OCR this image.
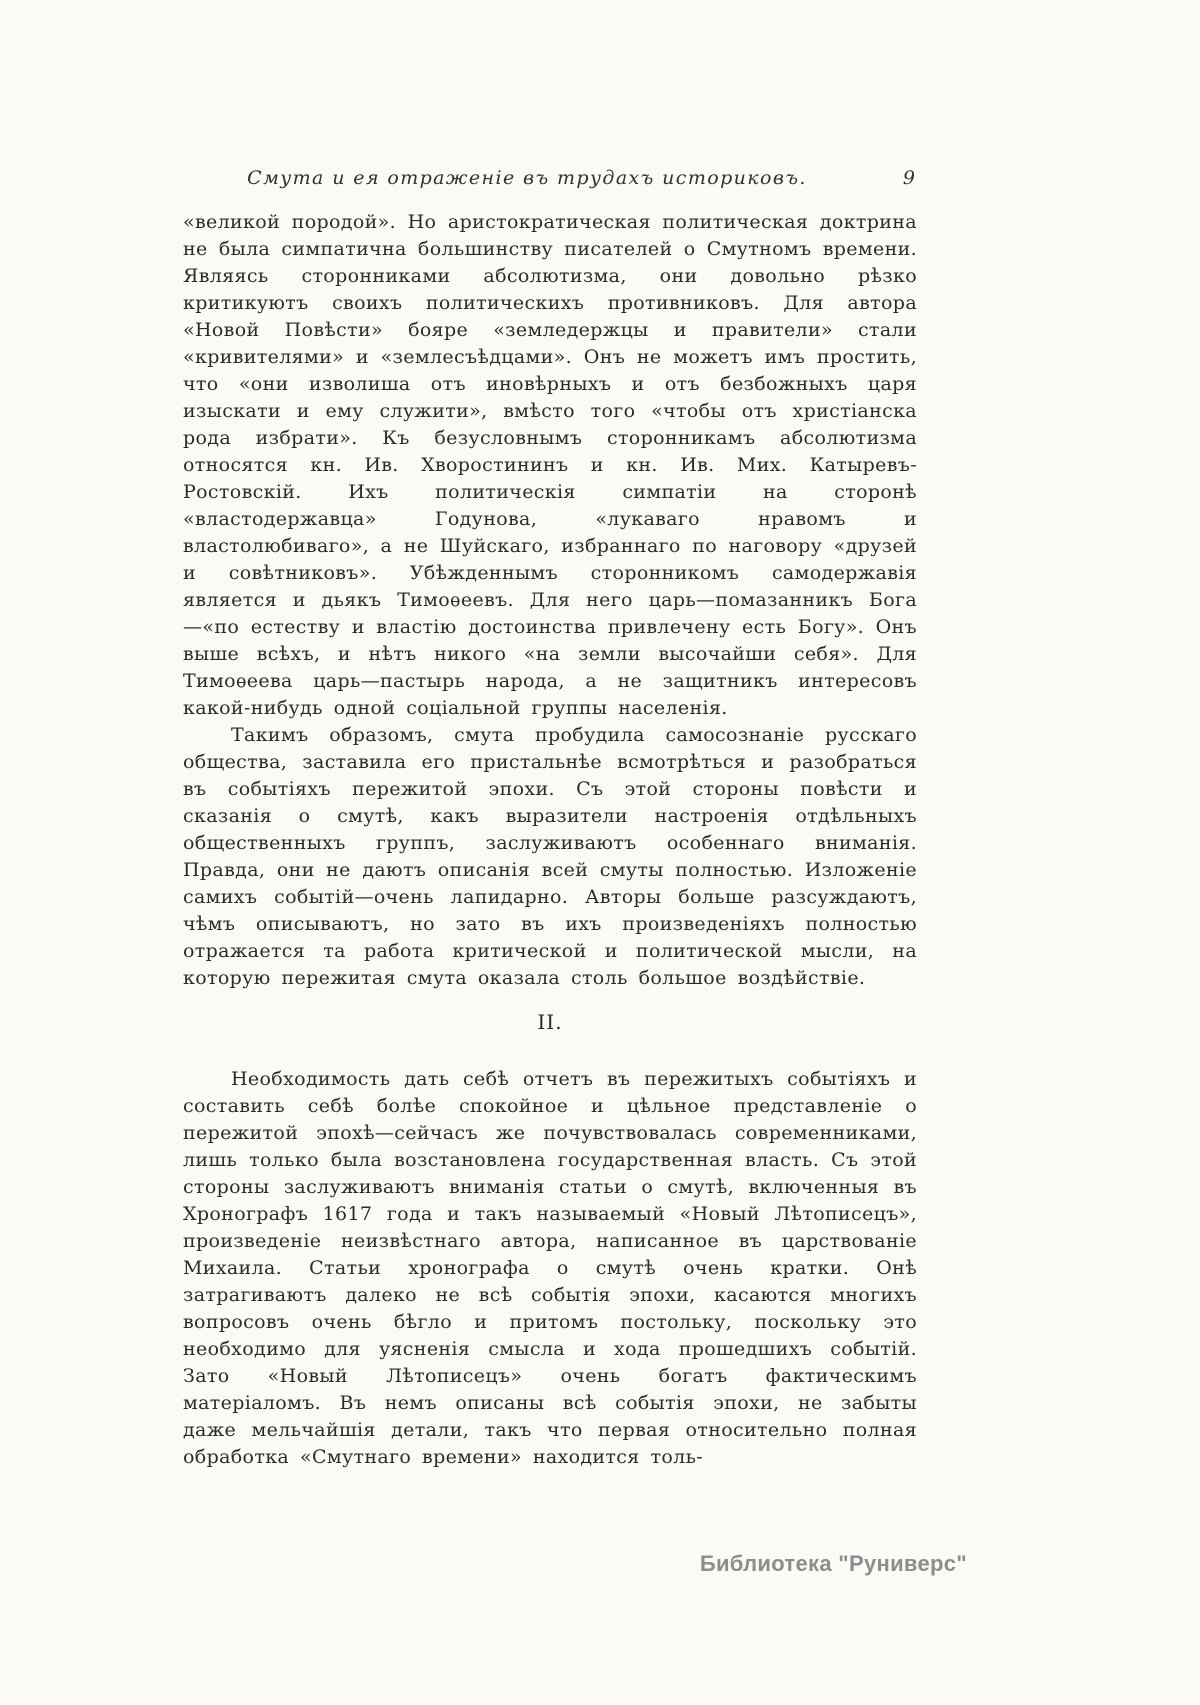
Смута и ея отраженіе въ трудахъ историковъ.	9

«великой породой». Но аристократическая политическая доктрина не была симпатична большинству писателей о Смутномъ времени. Являясь сторонниками абсолютизма, они довольно рѣзко критикуютъ своихъ политическихъ противниковъ. Для автора «Новой Повѣсти» бояре «земледержцы и правители» стали «кривителями» и «землесъѣдцами». Онъ не можетъ имъ простить, что «они изволиша отъ иновѣрныхъ и отъ безбожныхъ царя изыскати и ему служити», вмѣсто того «чтобы отъ христіанска рода избрати». Къ безусловнымъ сторонникамъ абсолютизма относятся кн. Ив. Хворостининъ и кн. Ив. Мих. Катыревъ-Ростовскій. Ихъ политическія симпатіи на сторонѣ «властодержавца» Годунова, «лукаваго нравомъ и властолюбиваго», а не Шуйскаго, избраннаго по наговору «друзей и совѣтниковъ». Убѣжденнымъ сторонникомъ самодержавія является и дьякъ Тимоѳеевъ. Для него царь—помазанникъ Бога—«по естеству и властію достоинства привлечену есть Богу». Онъ выше всѣхъ, и нѣтъ никого «на земли высочайши себя». Для Тимоѳеева царь—пастырь народа, а не защитникъ интересовъ какой-нибудь одной соціальной группы населенія.

Такимъ образомъ, смута пробудила самосознаніе русскаго общества, заставила его пристальнѣе всмотрѣться и разобраться въ событіяхъ пережитой эпохи. Съ этой стороны повѣсти и сказанія о смутѣ, какъ выразители настроенія отдѣльныхъ общественныхъ группъ, заслуживаютъ особеннаго вниманія. Правда, они не даютъ описанія всей смуты полностью. Изложеніе самихъ событій—очень лапидарно. Авторы больше разсуждаютъ, чѣмъ описываютъ, но зато въ ихъ произведеніяхъ полностью отражается та работа критической и политической мысли, на которую пережитая смута оказала столь большое воздѣйствіе.

II.

Необходимость дать себѣ отчетъ въ пережитыхъ событіяхъ и составить себѣ болѣе спокойное и цѣльное представленіе о пережитой эпохѣ—сейчасъ же почувствовалась современниками, лишь только была возстановлена государственная власть. Съ этой стороны заслуживаютъ вниманія статьи о смутѣ, включенныя въ Хронографъ 1617 года и такъ называемый «Новый Лѣтописецъ», произведеніе неизвѣстнаго автора, написанное въ царствованіе Михаила. Статьи хронографа о смутѣ очень кратки. Онѣ затрагиваютъ далеко не всѣ событія эпохи, касаются многихъ вопросовъ очень бѣгло и притомъ постольку, поскольку это необходимо для уясненія смысла и хода прошедшихъ событій. Зато «Новый Лѣтописецъ» очень богатъ фактическимъ матеріаломъ. Въ немъ описаны всѣ событія эпохи, не забыты даже мельчайшія детали, такъ что первая относительно полная обработка «Смутнаго времени» находится толь-

Библиотека "Руниверс"
